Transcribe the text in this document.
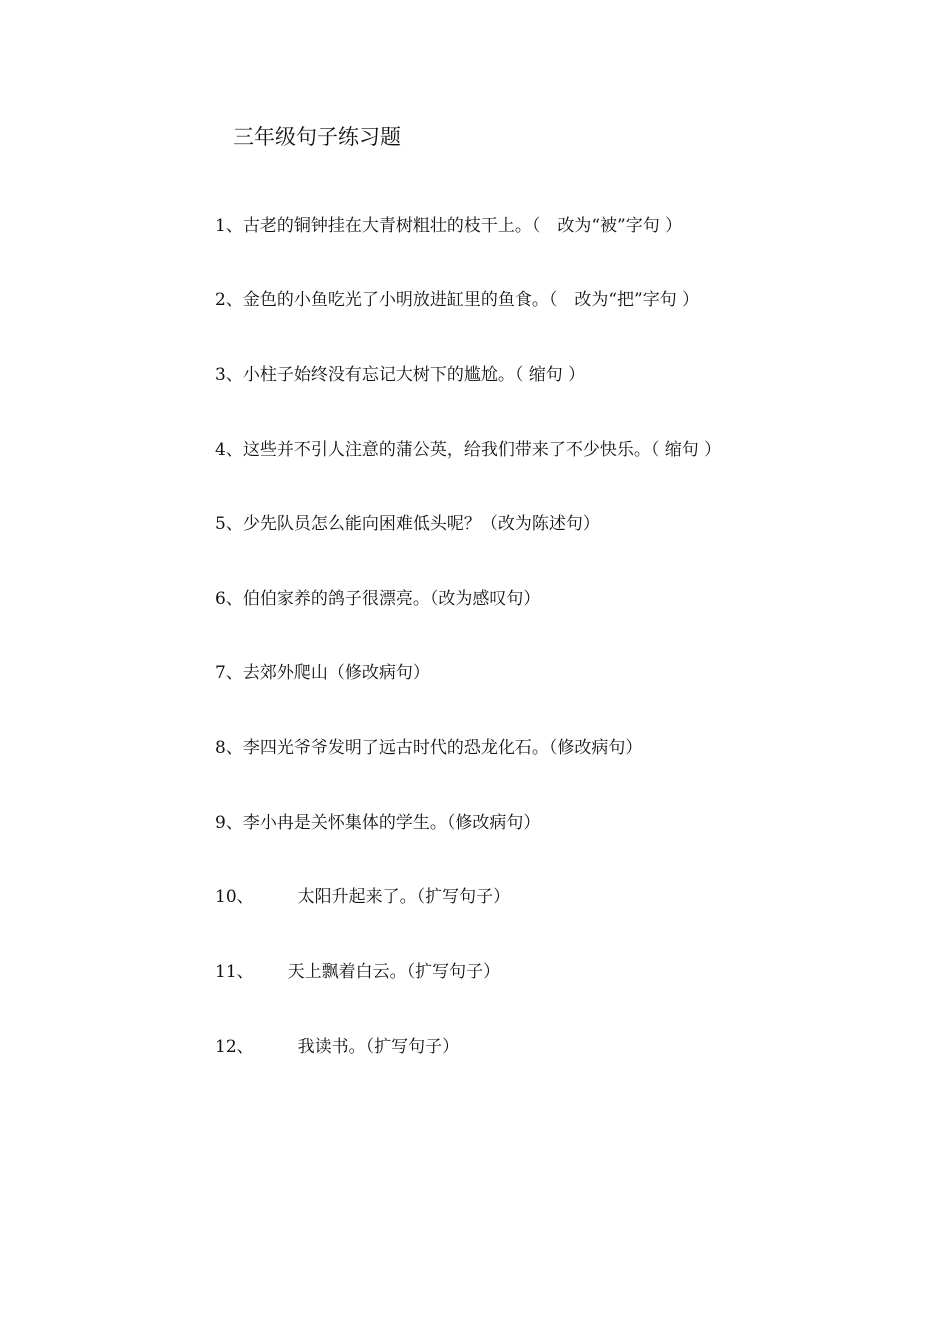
三年级句子练习题
1、古老的铜钟挂在大青树粗壮的枝干上。（　改为“被”字句 ）
2、金色的小鱼吃光了小明放进缸里的鱼食。（　改为“把”字句 ）
3、小柱子始终没有忘记大树下的尴尬。（ 缩句 ）
4、这些并不引人注意的蒲公英，给我们带来了不少快乐。（ 缩句 ）
5、少先队员怎么能向困难低头呢？（改为陈述句）
6、伯伯家养的鸽子很漂亮。（改为感叹句）
7、去郊外爬山（修改病句）
8、李四光爷爷发明了远古时代的恐龙化石。（修改病句）
9、李小冉是关怀集体的学生。（修改病句）
10、	太阳升起来了。（扩写句子）
11、 天上飘着白云。（扩写句子）
12、	我读书。（扩写句子）
